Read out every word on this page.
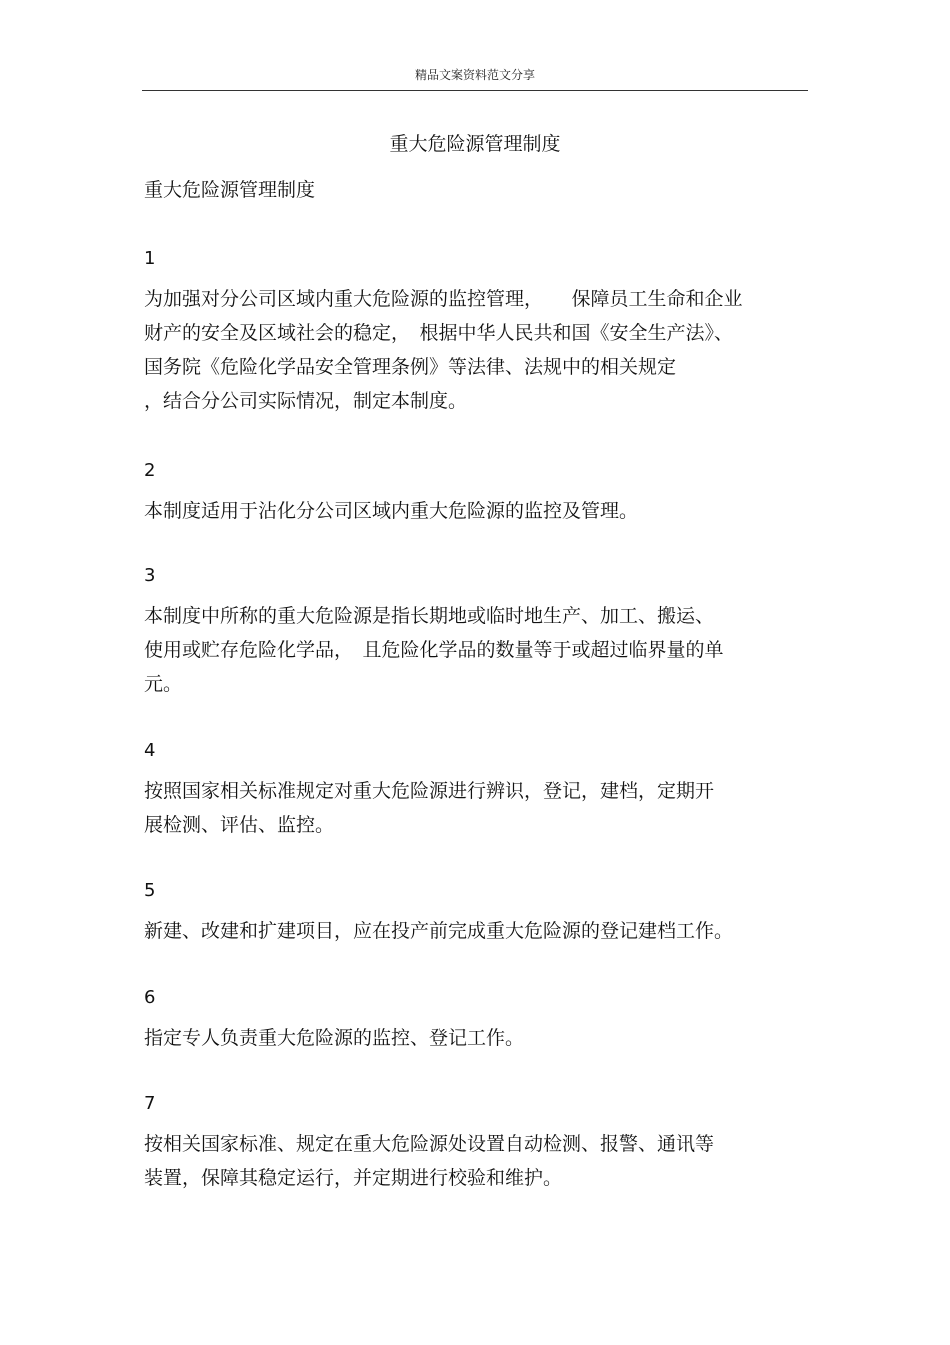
精品文案资料范文分享
重大危险源管理制度
重大危险源管理制度
1
为加强对分公司区域内重大危险源的监控管理，　　保障员工生命和企业
财产的安全及区域社会的稳定，　根据中华人民共和国《安全生产法》、
国务院《危险化学品安全管理条例》等法律、法规中的相关规定
，结合分公司实际情况，制定本制度。
2
本制度适用于沾化分公司区域内重大危险源的监控及管理。
3
本制度中所称的重大危险源是指长期地或临时地生产、加工、搬运、
使用或贮存危险化学品，　且危险化学品的数量等于或超过临界量的单
元。
4
按照国家相关标准规定对重大危险源进行辨识，登记，建档，定期开
展检测、评估、监控。
5
新建、改建和扩建项目，应在投产前完成重大危险源的登记建档工作。
6
指定专人负责重大危险源的监控、登记工作。
7
按相关国家标准、规定在重大危险源处设置自动检测、报警、通讯等
装置，保障其稳定运行，并定期进行校验和维护。
